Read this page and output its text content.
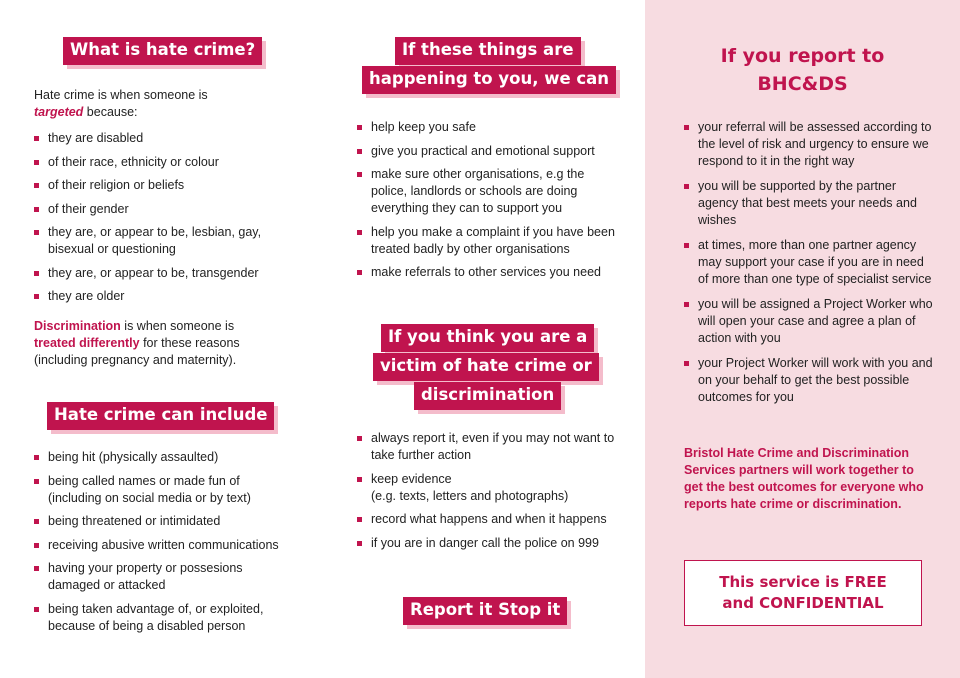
What is hate crime?
Hate crime is when someone is
targeted because:
they are disabled
of their race, ethnicity or colour
of their religion or beliefs
of their gender
they are, or appear to be, lesbian, gay, bisexual or questioning
they are, or appear to be, transgender
they are older
Discrimination is when someone is treated differently for these reasons (including pregnancy and maternity).
Hate crime can include
being hit (physically assaulted)
being called names or made fun of (including on social media or by text)
being threatened or intimidated
receiving abusive written communications
having your property or possesions damaged or attacked
being taken advantage of, or exploited, because of being a disabled person
If these things are
happening to you, we can
help keep you safe
give you practical and emotional support
make sure other organisations, e.g the police, landlords or schools are doing everything they can to support you
help you make a complaint if you have been treated badly by other organisations
make referrals to other services you need
If you think you are a
victim of hate crime or
discrimination
always report it, even if you may not want to take further action
keep evidence
(e.g. texts, letters and photographs)
record what happens and when it happens
if you are in danger call the police on 999
Report it Stop it
If you report to
BHC&DS
your referral will be assessed according to the level of risk and urgency to ensure we respond to it in the right way
you will be supported by the partner agency that best meets your needs and wishes
at times, more than one partner agency may support your case if you are in need of more than one type of specialist service
you will be assigned a Project Worker who will open your case and agree a plan of action with you
your Project Worker will work with you and on your behalf to get the best possible outcomes for you
Bristol Hate Crime and Discrimination Services partners will work together to get the best outcomes for everyone who reports hate crime or discrimination.
This service is FREE
and CONFIDENTIAL
